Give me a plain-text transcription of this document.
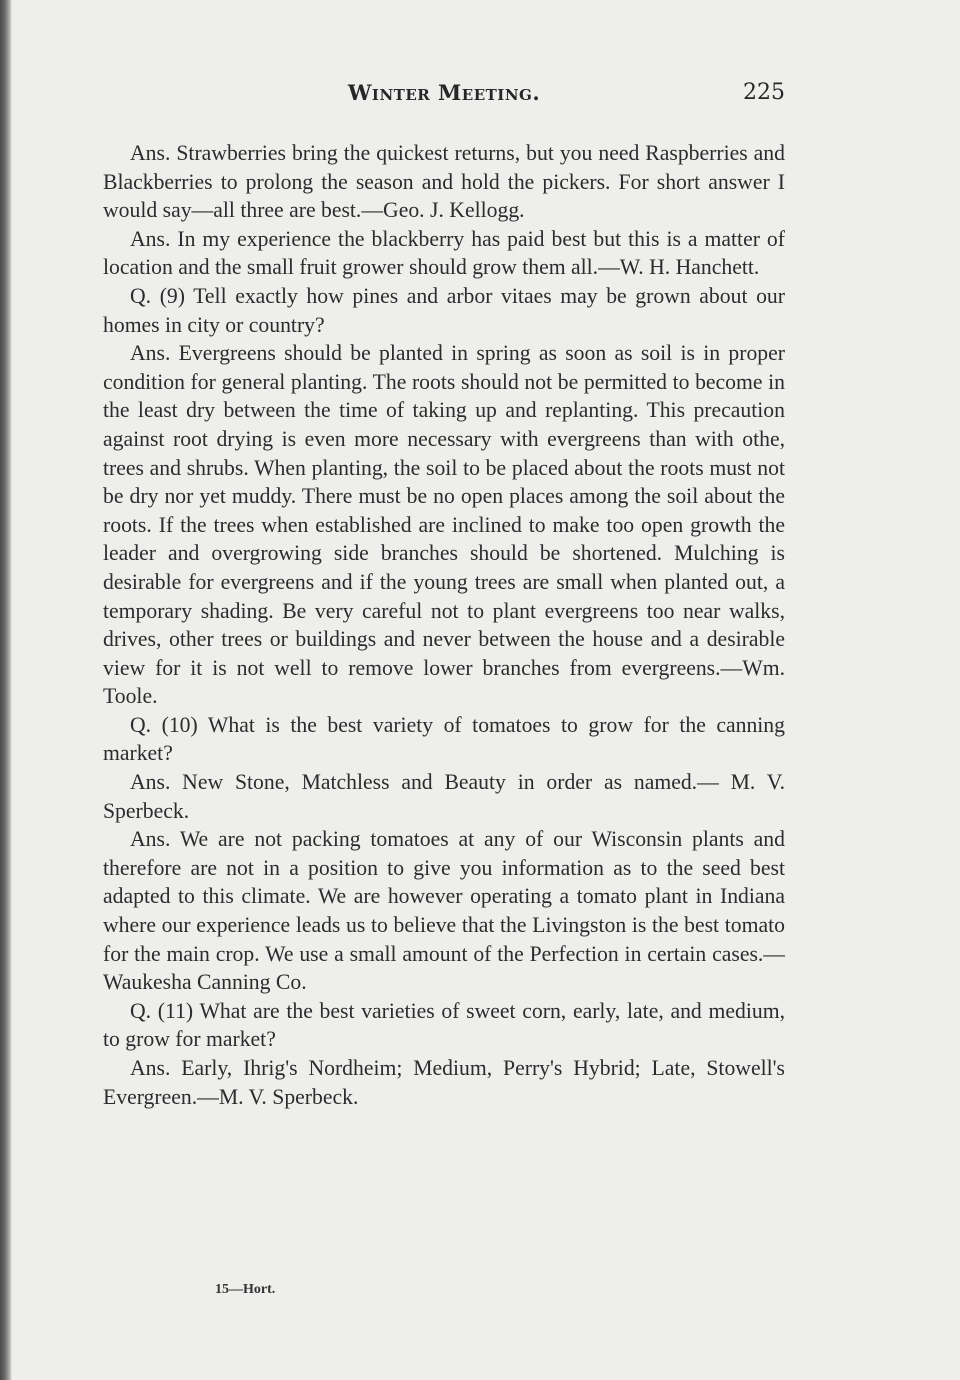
Winter Meeting.	225

Ans. Strawberries bring the quickest returns, but you need Raspberries and Blackberries to prolong the season and hold the pickers. For short answer I would say—all three are best.—Geo. J. Kellogg.

Ans. In my experience the blackberry has paid best but this is a matter of location and the small fruit grower should grow them all.—W. H. Hanchett.

Q. (9) Tell exactly how pines and arbor vitaes may be grown about our homes in city or country?

Ans. Evergreens should be planted in spring as soon as soil is in proper condition for general planting. The roots should not be permitted to become in the least dry between the time of taking up and replanting. This precaution against root drying is even more necessary with evergreens than with othe, trees and shrubs. When planting, the soil to be placed about the roots must not be dry nor yet muddy. There must be no open places among the soil about the roots. If the trees when established are inclined to make too open growth the leader and overgrowing side branches should be shortened. Mulching is desirable for evergreens and if the young trees are small when planted out, a temporary shading. Be very careful not to plant evergreens too near walks, drives, other trees or buildings and never between the house and a desirable view for it is not well to remove lower branches from evergreens.—Wm. Toole.

Q. (10) What is the best variety of tomatoes to grow for the canning market?

Ans. New Stone, Matchless and Beauty in order as named.— M. V. Sperbeck.

Ans. We are not packing tomatoes at any of our Wisconsin plants and therefore are not in a position to give you information as to the seed best adapted to this climate. We are however operating a tomato plant in Indiana where our experience leads us to believe that the Livingston is the best tomato for the main crop. We use a small amount of the Perfection in certain cases.—Waukesha Canning Co.

Q. (11) What are the best varieties of sweet corn, early, late, and medium, to grow for market?

Ans. Early, Ihrig's Nordheim; Medium, Perry's Hybrid; Late, Stowell's Evergreen.—M. V. Sperbeck.

15—Hort.
